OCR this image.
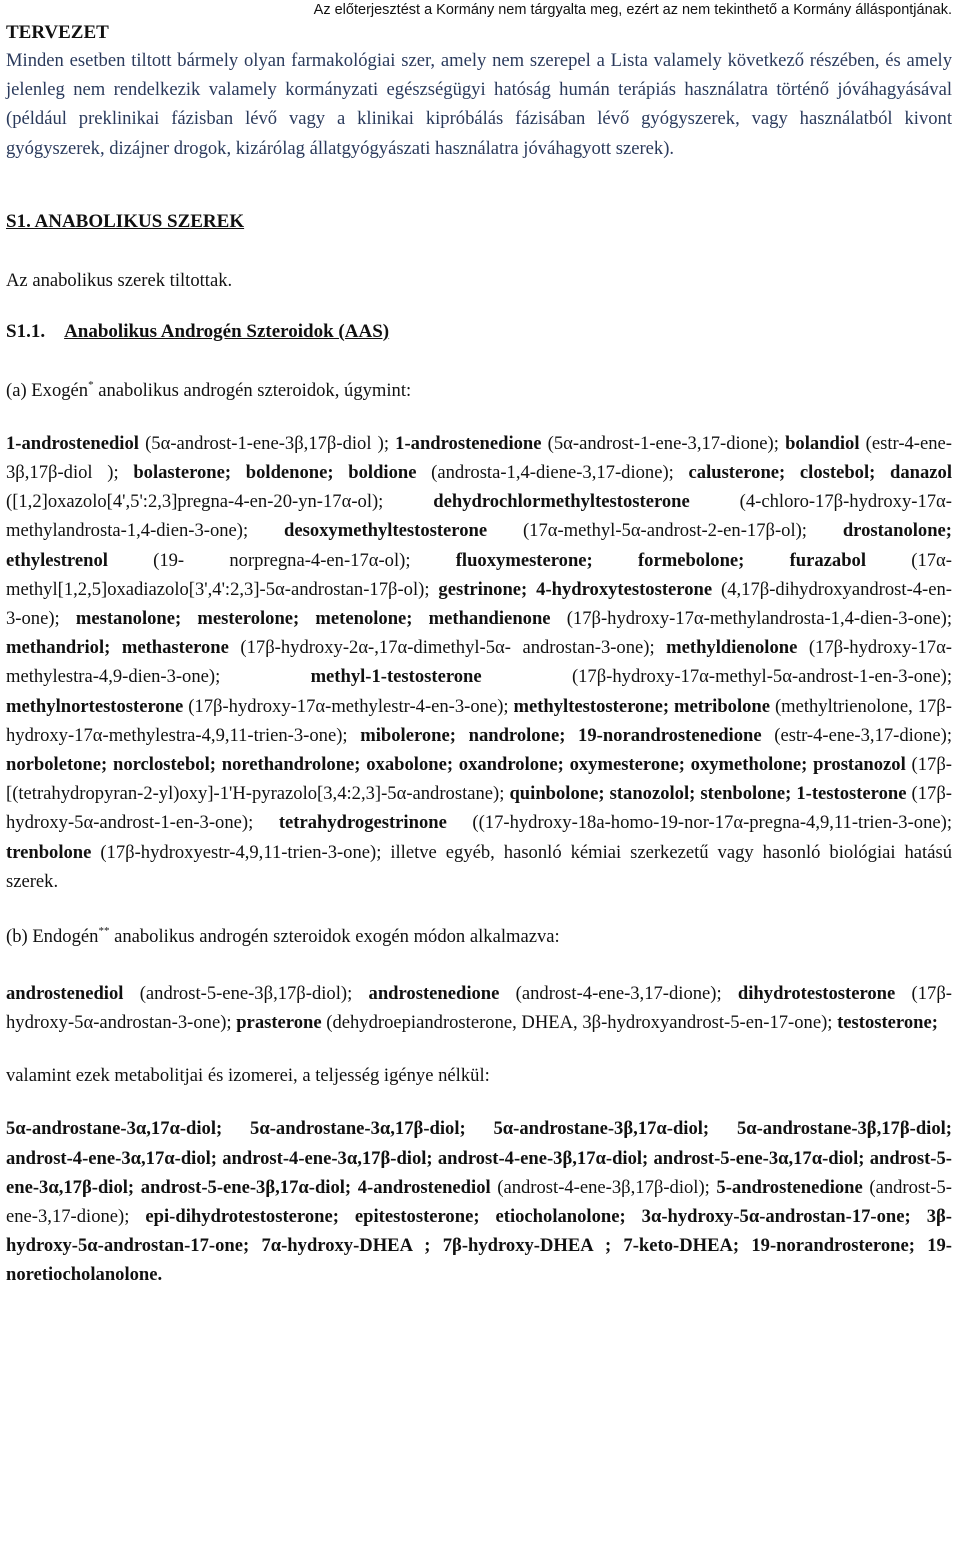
Az előterjesztést a Kormány nem tárgyalta meg, ezért az nem tekinthető a Kormány álláspontjának.
TERVEZET

Minden esetben tiltott bármely olyan farmakológiai szer, amely nem szerepel a Lista valamely következő részében, és amely jelenleg nem rendelkezik valamely kormányzati egészségügyi hatóság humán terápiás használatra történő jóváhagyásával (például preklinikai fázisban lévő vagy a klinikai kipróbálás fázisában lévő gyógyszerek, vagy használatból kivont gyógyszerek, dizájner drogok, kizárólag állatgyógyászati használatra jóváhagyott szerek).

S1. ANABOLIKUS SZEREK
Az anabolikus szerek tiltottak.
S1.1. Anabolikus Androgén Szteroidok (AAS)
(a) Exogén* anabolikus androgén szteroidok, úgymint:

1-androstenediol (5α-androst-1-ene-3β,17β-diol ); 1-androstenedione (5α-androst-1-ene-3,17-dione); bolandiol (estr-4-ene-3β,17β-diol ); bolasterone; boldenone; boldione (androsta-1,4-diene-3,17-dione); calusterone; clostebol; danazol ([1,2]oxazolo[4',5':2,3]pregna-4-en-20-yn-17α-ol); dehydrochlormethyltestosterone (4-chloro-17β-hydroxy-17α-methylandrosta-1,4-dien-3-one); desoxymethyltestosterone (17α-methyl-5α-androst-2-en-17β-ol); drostanolone; ethylestrenol (19- norpregna-4-en-17α-ol); fluoxymesterone; formebolone; furazabol (17α-methyl[1,2,5]oxadiazolo[3',4':2,3]-5α-androstan-17β-ol); gestrinone; 4-hydroxytestosterone (4,17β-dihydroxyandrost-4-en-3-one); mestanolone; mesterolone; metenolone; methandienone (17β-hydroxy-17α-methylandrosta-1,4-dien-3-one); methandriol; methasterone (17β-hydroxy-2α-,17α-dimethyl-5α- androstan-3-one); methyldienolone (17β-hydroxy-17α-methylestra-4,9-dien-3-one); methyl-1-testosterone (17β-hydroxy-17α-methyl-5α-androst-1-en-3-one); methylnortestosterone (17β-hydroxy-17α-methylestr-4-en-3-one); methyltestosterone; metribolone (methyltrienolone, 17β-hydroxy-17α-methylestra-4,9,11-trien-3-one); mibolerone; nandrolone; 19-norandrostenedione (estr-4-ene-3,17-dione); norboletone; norclostebol; norethandrolone; oxabolone; oxandrolone; oxymesterone; oxymetholone; prostanozol (17β-[(tetrahydropyran-2-yl)oxy]-1'H-pyrazolo[3,4:2,3]-5α-androstane); quinbolone; stanozolol; stenbolone; 1-testosterone (17β-hydroxy-5α-androst-1-en-3-one); tetrahydrogestrinone ((17-hydroxy-18a-homo-19-nor-17α-pregna-4,9,11-trien-3-one); trenbolone (17β-hydroxyestr-4,9,11-trien-3-one); illetve egyéb, hasonló kémiai szerkezetű vagy hasonló biológiai hatású szerek.

(b) Endogén** anabolikus androgén szteroidok exogén módon alkalmazva:

androstenediol (androst-5-ene-3β,17β-diol); androstenedione (androst-4-ene-3,17-dione); dihydrotestosterone (17β-hydroxy-5α-androstan-3-one); prasterone (dehydroepiandrosterone, DHEA, 3β-hydroxyandrost-5-en-17-one); testosterone;

valamint ezek metabolitjai és izomerei, a teljesség igénye nélkül:

5α-androstane-3α,17α-diol; 5α-androstane-3α,17β-diol; 5α-androstane-3β,17α-diol; 5α-androstane-3β,17β-diol; androst-4-ene-3α,17α-diol; androst-4-ene-3α,17β-diol; androst-4-ene-3β,17α-diol; androst-5-ene-3α,17α-diol; androst-5-ene-3α,17β-diol; androst-5-ene-3β,17α-diol; 4-androstenediol (androst-4-ene-3β,17β-diol); 5-androstenedione (androst-5-ene-3,17-dione); epi-dihydrotestosterone; epitestosterone; etiocholanolone; 3α-hydroxy-5α-androstan-17-one; 3β-hydroxy-5α-androstan-17-one; 7α-hydroxy-DHEA ; 7β-hydroxy-DHEA ; 7-keto-DHEA; 19-norandrosterone; 19-noretiocholanolone.
